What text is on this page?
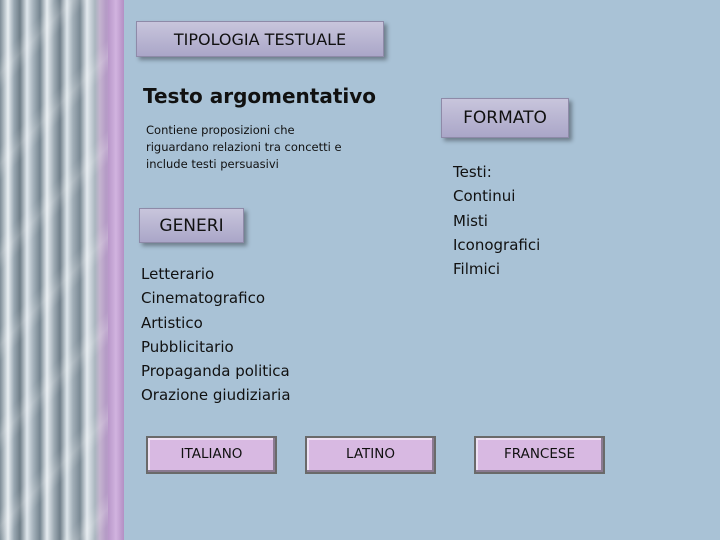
TIPOLOGIA TESTUALE
Testo argomentativo
Contiene proposizioni che
riguardano relazioni tra concetti e
include testi persuasivi
GENERI
Letterario
Cinematografico
Artistico
Pubblicitario
Propaganda politica
Orazione giudiziaria
FORMATO
Testi:
Continui
Misti
Iconografici
Filmici
ITALIANO	LATINO	FRANCESE
